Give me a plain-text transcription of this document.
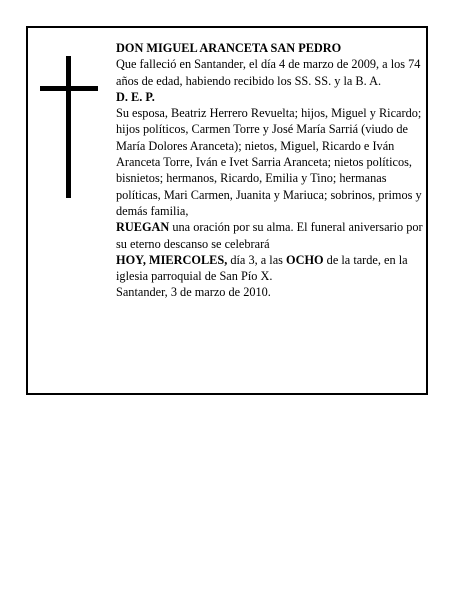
DON MIGUEL ARANCETA SAN PEDRO

Que falleció en Santander, el día 4 de marzo de 2009, a los 74 años de edad, habiendo recibido los SS. SS. y la B. A.

D. E. P.

Su esposa, Beatriz Herrero Revuelta; hijos, Miguel y Ricardo; hijos políticos, Carmen Torre y José María Sarriá (viudo de María Dolores Aranceta); nietos, Miguel, Ricardo e Iván Aranceta Torre, Iván e Ivet Sarria Aranceta; nietos políticos, bisnietos; hermanos, Ricardo, Emilia y Tino; hermanas políticas, Mari Carmen, Juanita y Mariuca; sobrinos, primos y demás familia,

RUEGAN una oración por su alma. El funeral aniversario por su eterno descanso se celebrará

HOY, MIERCOLES, día 3, a las OCHO de la tarde, en la iglesia parroquial de San Pío X.

Santander, 3 de marzo de 2010.
